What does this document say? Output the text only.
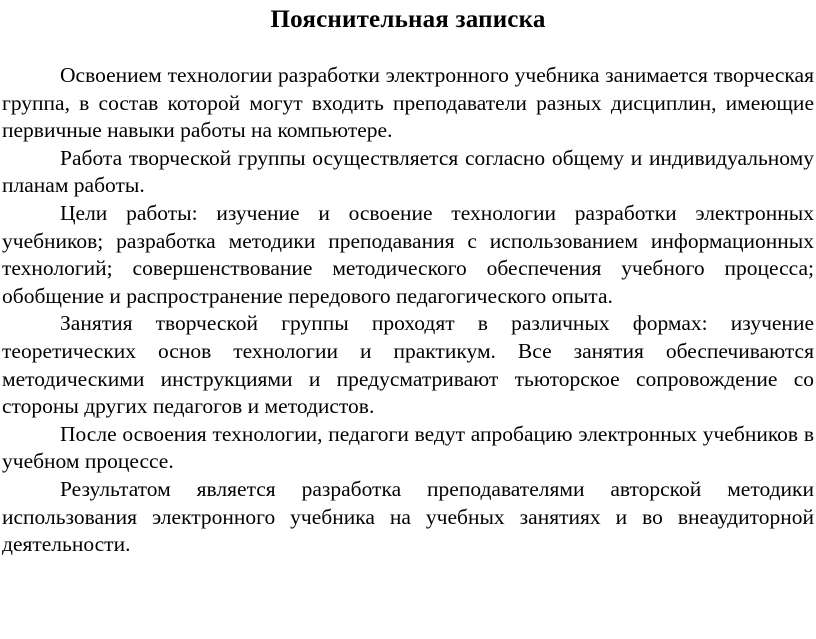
Пояснительная записка

Освоением технологии разработки электронного учебника занимается творческая группа, в состав которой могут входить преподаватели разных дисциплин, имеющие первичные навыки работы на компьютере.

Работа творческой группы осуществляется согласно общему и индивидуальному планам работы.

Цели работы: изучение и освоение технологии разработки электронных учебников; разработка методики преподавания с использованием информационных технологий; совершенствование методического обеспечения учебного процесса; обобщение и распространение передового педагогического опыта.

Занятия творческой группы проходят в различных формах: изучение теоретических основ технологии и практикум. Все занятия обеспечиваются методическими инструкциями и предусматривают тьюторское сопровождение со стороны других педагогов и методистов.

После освоения технологии, педагоги ведут апробацию электронных учебников в учебном процессе.

Результатом является разработка преподавателями авторской методики использования электронного учебника на учебных занятиях и во внеаудиторной деятельности.
